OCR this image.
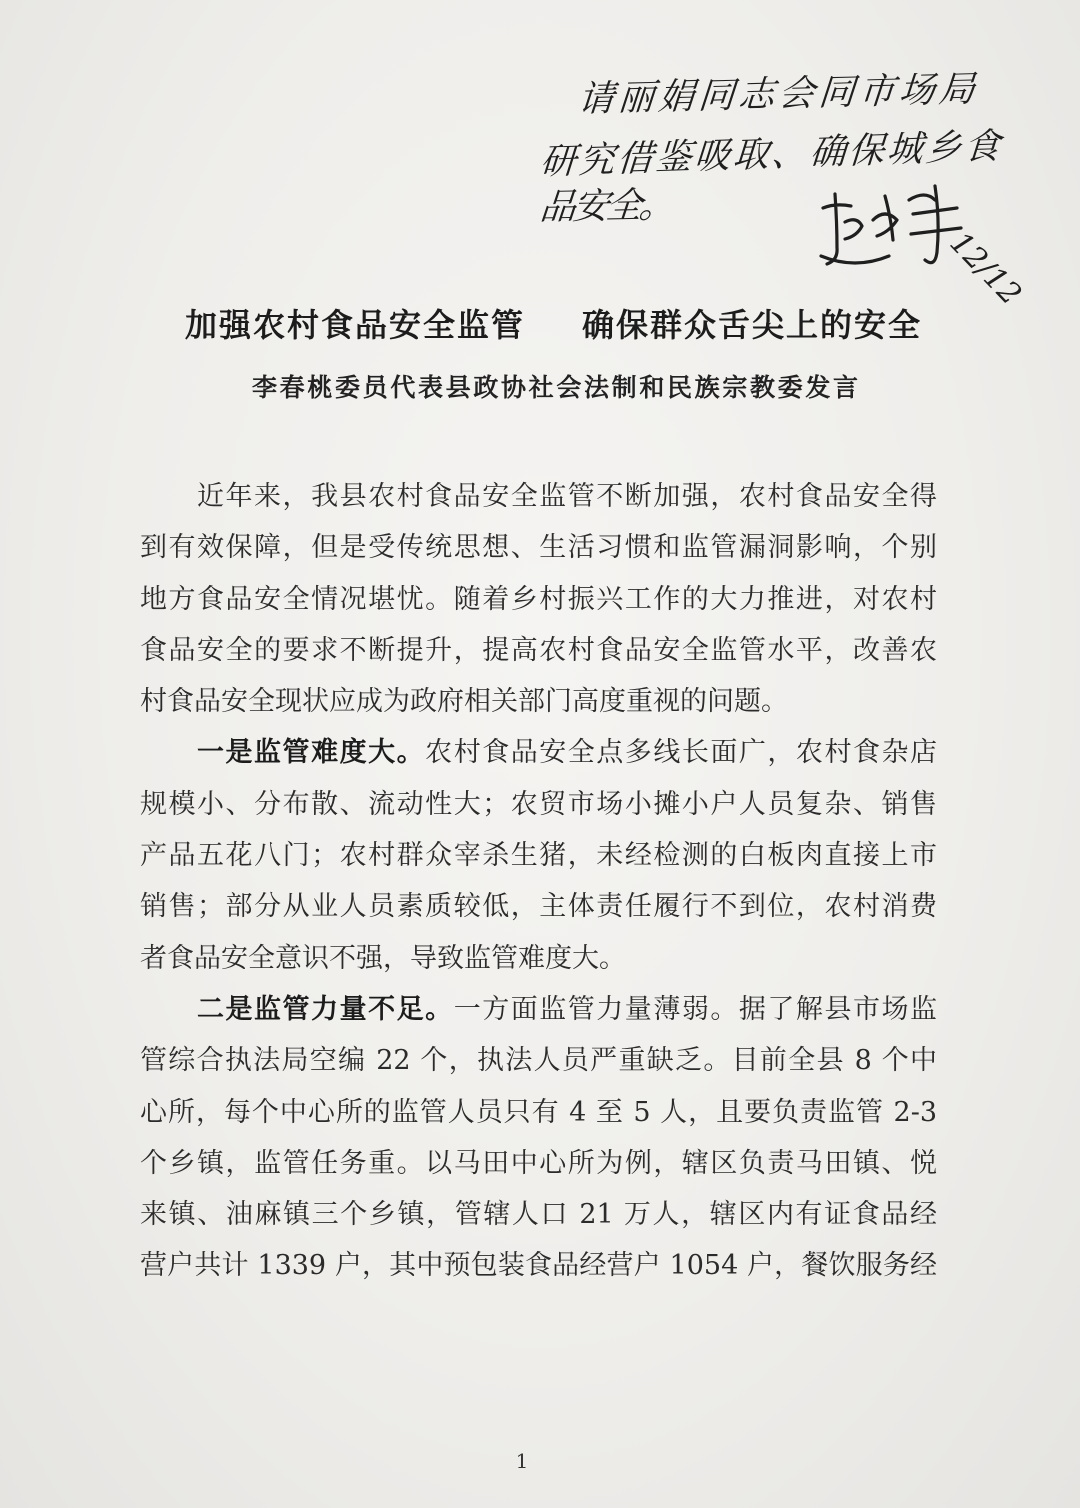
请丽娟同志会同市场局
研究借鉴吸取、确保城乡食
品安全。
12/12
加强农村食品安全监管 确保群众舌尖上的安全
李春桃委员代表县政协社会法制和民族宗教委发言
近年来，我县农村食品安全监管不断加强，农村食品安全得
到有效保障，但是受传统思想、生活习惯和监管漏洞影响，个别
地方食品安全情况堪忧。随着乡村振兴工作的大力推进，对农村
食品安全的要求不断提升，提高农村食品安全监管水平，改善农
村食品安全现状应成为政府相关部门高度重视的问题。
一是监管难度大。农村食品安全点多线长面广，农村食杂店
规模小、分布散、流动性大；农贸市场小摊小户人员复杂、销售
产品五花八门；农村群众宰杀生猪，未经检测的白板肉直接上市
销售；部分从业人员素质较低，主体责任履行不到位，农村消费
者食品安全意识不强，导致监管难度大。
二是监管力量不足。一方面监管力量薄弱。据了解县市场监
管综合执法局空编 22 个，执法人员严重缺乏。目前全县 8 个中
心所，每个中心所的监管人员只有 4 至 5 人，且要负责监管 2-3
个乡镇，监管任务重。以马田中心所为例，辖区负责马田镇、悦
来镇、油麻镇三个乡镇，管辖人口 21 万人，辖区内有证食品经
营户共计 1339 户，其中预包装食品经营户 1054 户，餐饮服务经
1
